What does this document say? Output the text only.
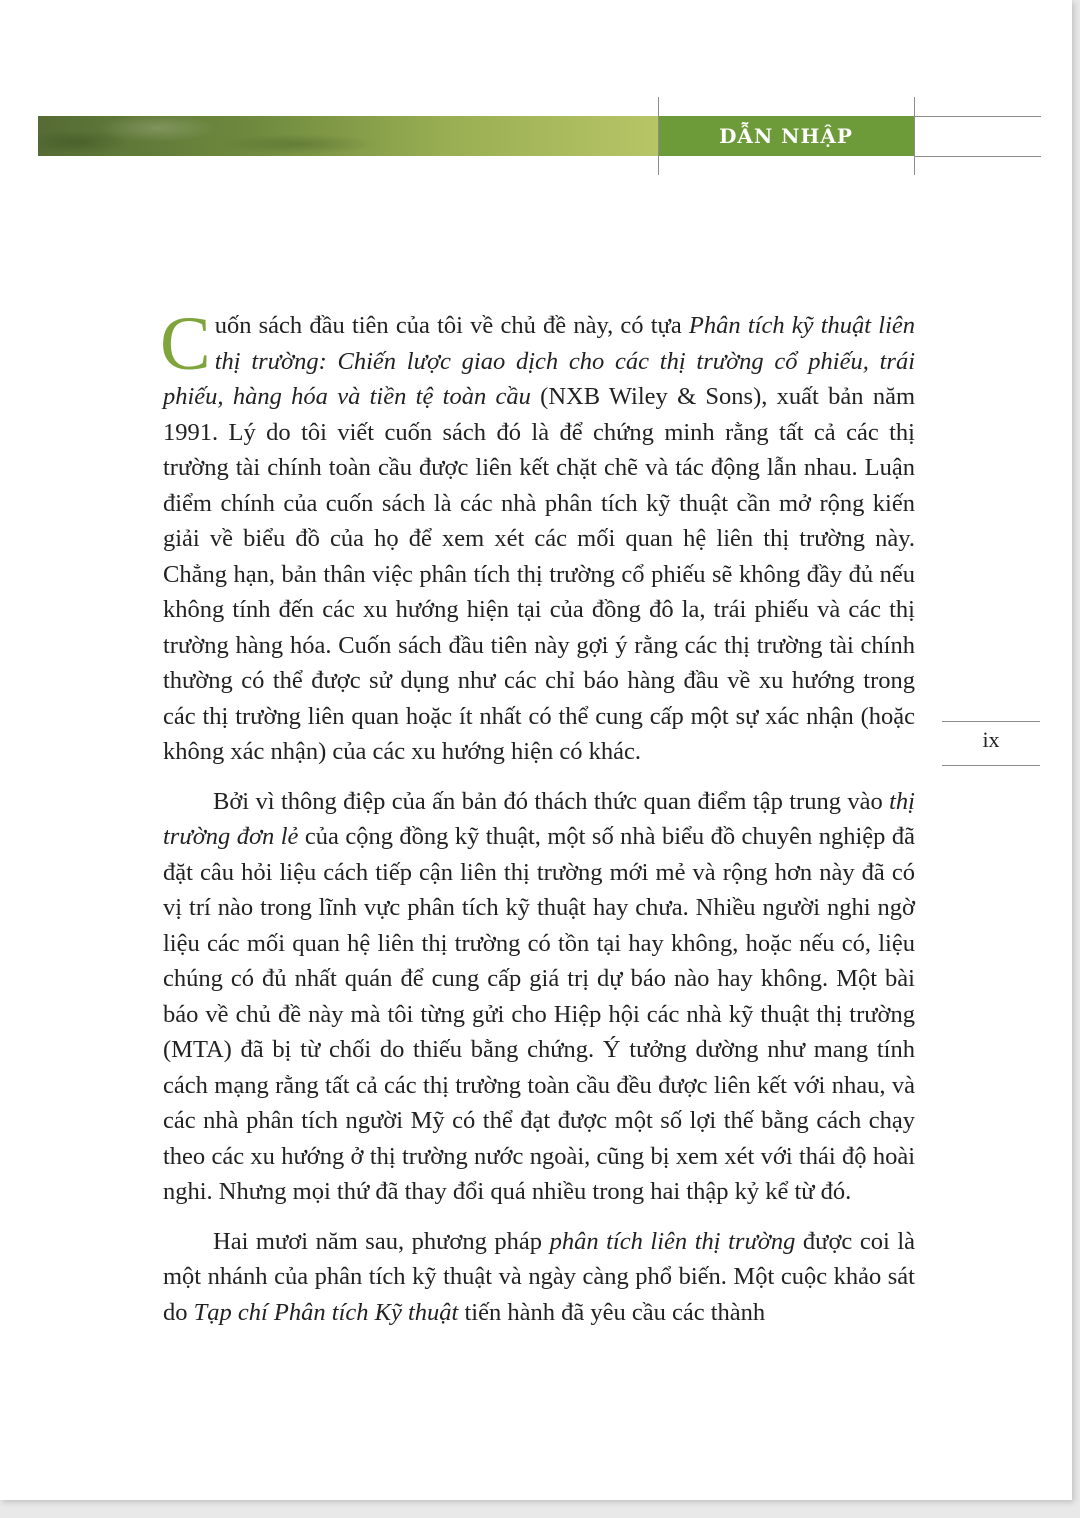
DẪN NHẬP

Cuốn sách đầu tiên của tôi về chủ đề này, có tựa Phân tích kỹ thuật liên thị trường: Chiến lược giao dịch cho các thị trường cổ phiếu, trái phiếu, hàng hóa và tiền tệ toàn cầu (NXB Wiley & Sons), xuất bản năm 1991. Lý do tôi viết cuốn sách đó là để chứng minh rằng tất cả các thị trường tài chính toàn cầu được liên kết chặt chẽ và tác động lẫn nhau. Luận điểm chính của cuốn sách là các nhà phân tích kỹ thuật cần mở rộng kiến giải về biểu đồ của họ để xem xét các mối quan hệ liên thị trường này. Chẳng hạn, bản thân việc phân tích thị trường cổ phiếu sẽ không đầy đủ nếu không tính đến các xu hướng hiện tại của đồng đô la, trái phiếu và các thị trường hàng hóa. Cuốn sách đầu tiên này gợi ý rằng các thị trường tài chính thường có thể được sử dụng như các chỉ báo hàng đầu về xu hướng trong các thị trường liên quan hoặc ít nhất có thể cung cấp một sự xác nhận (hoặc không xác nhận) của các xu hướng hiện có khác.

Bởi vì thông điệp của ấn bản đó thách thức quan điểm tập trung vào thị trường đơn lẻ của cộng đồng kỹ thuật, một số nhà biểu đồ chuyên nghiệp đã đặt câu hỏi liệu cách tiếp cận liên thị trường mới mẻ và rộng hơn này đã có vị trí nào trong lĩnh vực phân tích kỹ thuật hay chưa. Nhiều người nghi ngờ liệu các mối quan hệ liên thị trường có tồn tại hay không, hoặc nếu có, liệu chúng có đủ nhất quán để cung cấp giá trị dự báo nào hay không. Một bài báo về chủ đề này mà tôi từng gửi cho Hiệp hội các nhà kỹ thuật thị trường (MTA) đã bị từ chối do thiếu bằng chứng. Ý tưởng dường như mang tính cách mạng rằng tất cả các thị trường toàn cầu đều được liên kết với nhau, và các nhà phân tích người Mỹ có thể đạt được một số lợi thế bằng cách chạy theo các xu hướng ở thị trường nước ngoài, cũng bị xem xét với thái độ hoài nghi. Nhưng mọi thứ đã thay đổi quá nhiều trong hai thập kỷ kể từ đó.

Hai mươi năm sau, phương pháp phân tích liên thị trường được coi là một nhánh của phân tích kỹ thuật và ngày càng phổ biến. Một cuộc khảo sát do Tạp chí Phân tích Kỹ thuật tiến hành đã yêu cầu các thành

ix
